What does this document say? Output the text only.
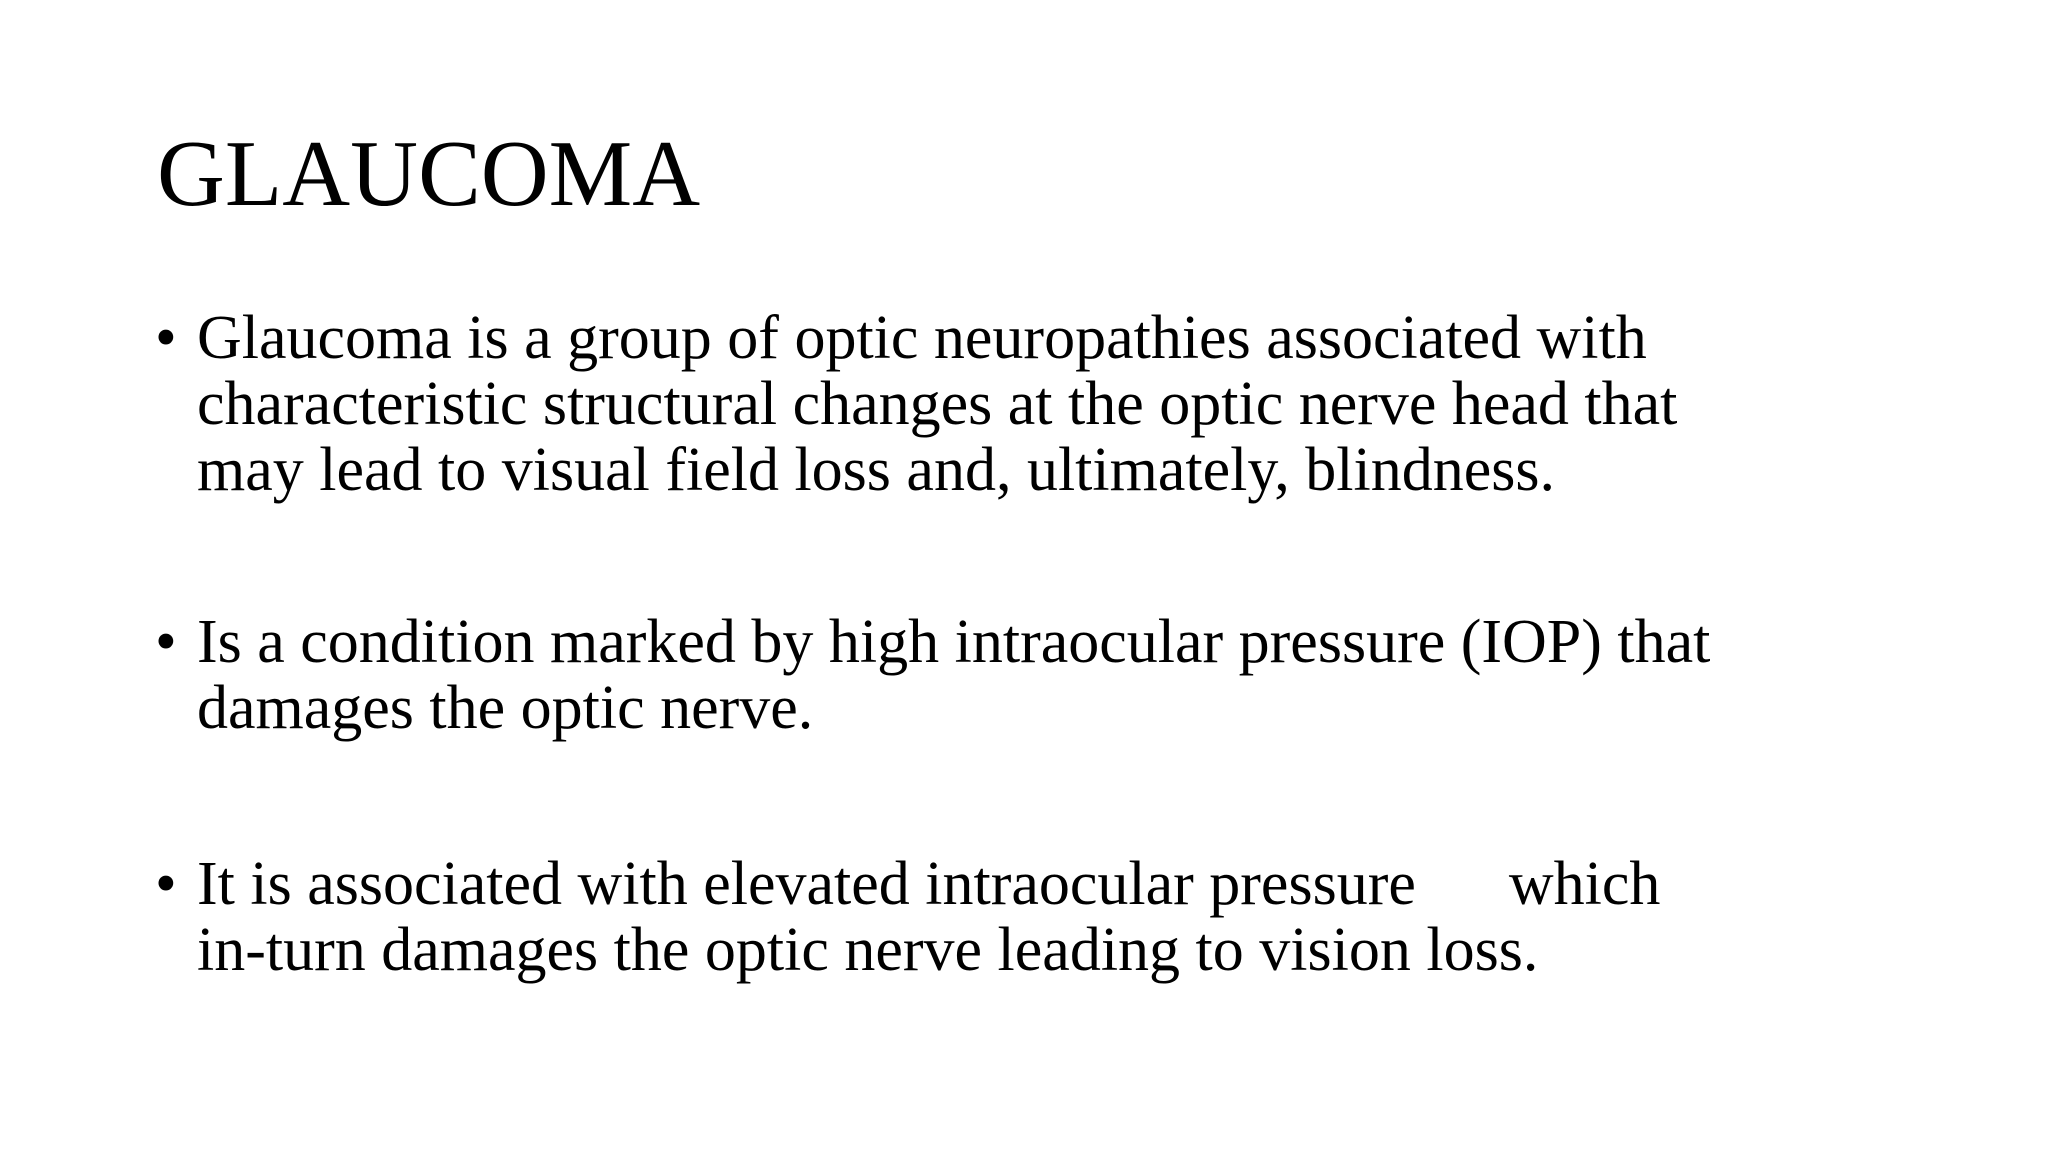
GLAUCOMA
• Glaucoma is a group of optic neuropathies associated with
characteristic structural changes at the optic nerve head that
may lead to visual field loss and, ultimately, blindness.
• Is a condition marked by high intraocular pressure (IOP) that
damages the optic nerve.
• It is associated with elevated intraocular pressure      which
in-turn damages the optic nerve leading to vision loss.
